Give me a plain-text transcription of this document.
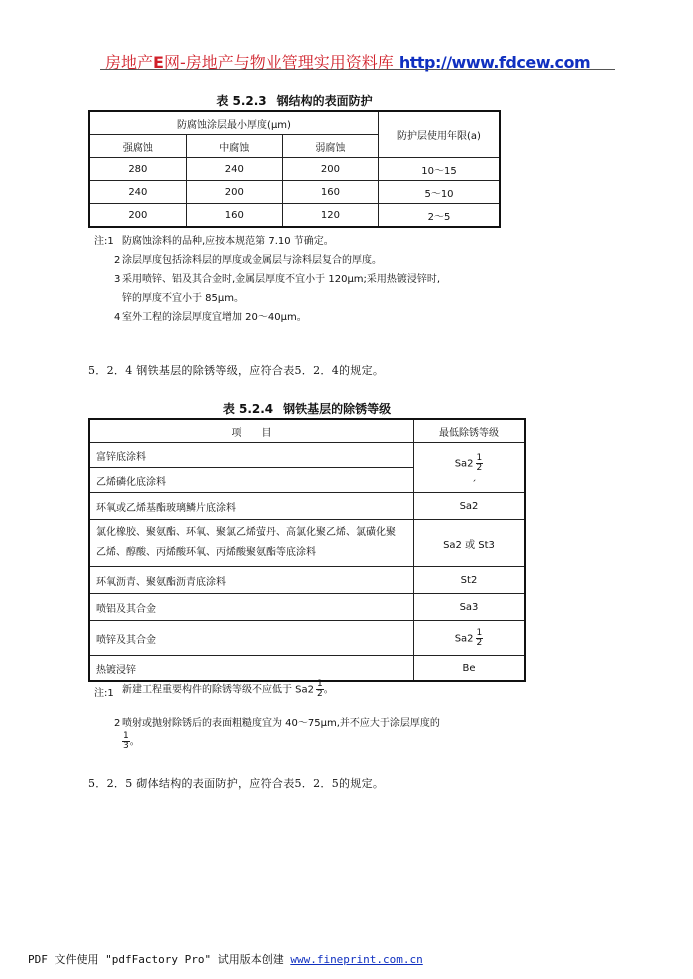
房地产E网-房地产与物业管理实用资料库 http://www.fdcew.com
表 5.2.3 钢结构的表面防护
防腐蚀涂层最小厚度(μm)			防护层使用年限(a)
强腐蚀	中腐蚀	弱腐蚀	
280	240	200	10～15
240	200	160	5～10
200	160	120	2～5
注:1 防腐蚀涂料的品种,应按本规范第 7.10 节确定。
2 涂层厚度包括涂料层的厚度或金属层与涂料层复合的厚度。
3 采用喷锌、铝及其合金时,金属层厚度不宜小于 120μm;采用热镀浸锌时,
锌的厚度不宜小于 85μm。
4 室外工程的涂层厚度宜增加 20～40μm。
5．2．4 钢铁基层的除锈等级，应符合表5．2．4的规定。
表 5.2.4 钢铁基层的除锈等级
项　　目	最低除锈等级
富锌底涂料	$Sa2 \frac{1}{2}$
ˏ

乙烯磷化底涂料	
环氧或乙烯基酯玻璃鳞片底涂料	Sa2

氯化橡胶、聚氨酯、环氧、聚氯乙烯萤丹、高氯化聚乙烯、氯磺化聚
乙烯、醇酸、丙烯酸环氧、丙烯酸聚氨酯等底涂料	Sa2 或 St3
环氧沥青、聚氨酯沥青底涂料	St2
喷铝及其合金	Sa3
喷锌及其合金	$Sa2 \frac{1}{2}$

热镀浸锌	Be
注:1 新建工程重要构件的除锈等级不应低于 $Sa2 \frac{1}{2}$ 。
2 喷射或抛射除锈后的表面粗糙度宜为 40～75μm,并不应大于涂层厚度的
$\frac{1}{3}$ 。
5．2．5 砌体结构的表面防护，应符合表5．2．5的规定。
PDF 文件使用 "pdfFactory Pro" 试用版本创建 www.fineprint.com.cn
